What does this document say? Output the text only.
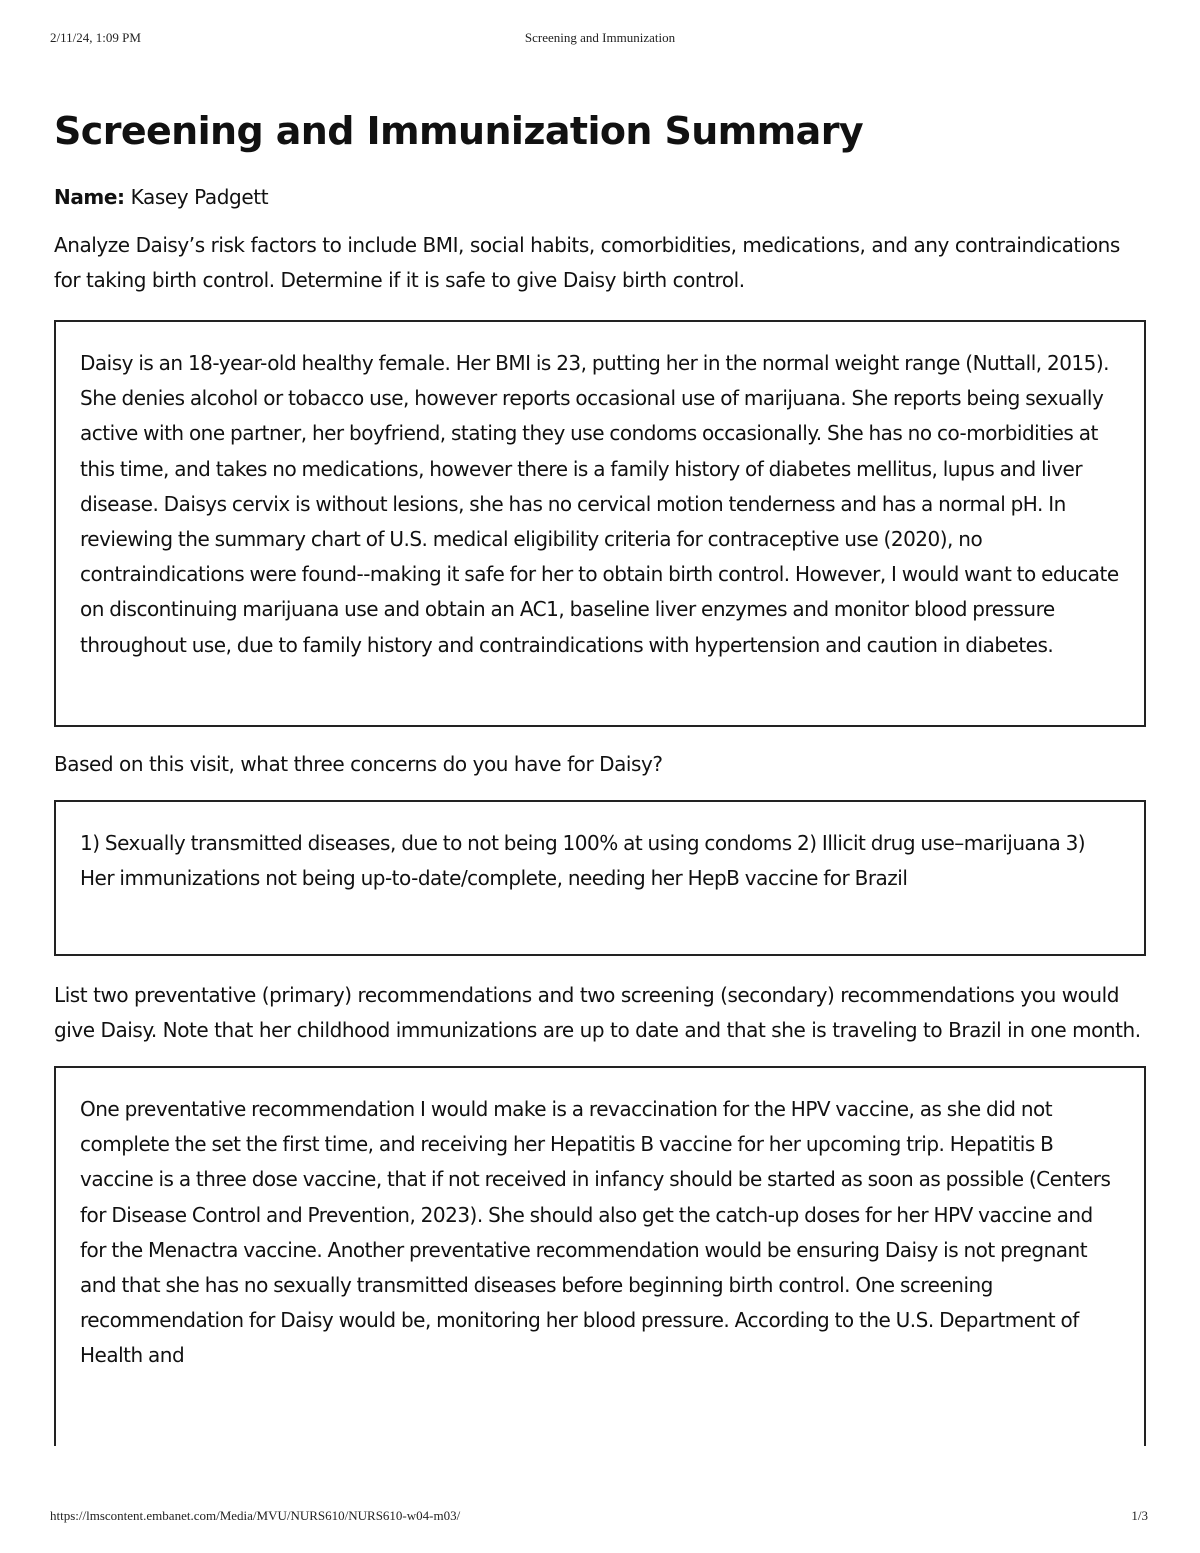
2/11/24, 1:09 PM	Screening and Immunization
Screening and Immunization Summary
Name: Kasey Padgett

Analyze Daisy’s risk factors to include BMI, social habits, comorbidities, medications, and any contraindications for taking birth control. Determine if it is safe to give Daisy birth control.

Daisy is an 18-year-old healthy female. Her BMI is 23, putting her in the normal weight range (Nuttall, 2015). She denies alcohol or tobacco use, however reports occasional use of marijuana. She reports being sexually active with one partner, her boyfriend, stating they use condoms occasionally. She has no co-morbidities at this time, and takes no medications, however there is a family history of diabetes mellitus, lupus and liver disease. Daisys cervix is without lesions, she has no cervical motion tenderness and has a normal pH. In reviewing the summary chart of U.S. medical eligibility criteria for contraceptive use (2020), no contraindications were found--making it safe for her to obtain birth control. However, I would want to educate on discontinuing marijuana use and obtain an AC1, baseline liver enzymes and monitor blood pressure throughout use, due to family history and contraindications with hypertension and caution in diabetes.

Based on this visit, what three concerns do you have for Daisy?

1) Sexually transmitted diseases, due to not being 100% at using condoms 2) Illicit drug use–marijuana 3) Her immunizations not being up-to-date/complete, needing her HepB vaccine for Brazil

List two preventative (primary) recommendations and two screening (secondary) recommendations you would give Daisy. Note that her childhood immunizations are up to date and that she is traveling to Brazil in one month.

One preventative recommendation I would make is a revaccination for the HPV vaccine, as she did not complete the set the first time, and receiving her Hepatitis B vaccine for her upcoming trip. Hepatitis B vaccine is a three dose vaccine, that if not received in infancy should be started as soon as possible (Centers for Disease Control and Prevention, 2023). She should also get the catch-up doses for her HPV vaccine and for the Menactra vaccine. Another preventative recommendation would be ensuring Daisy is not pregnant and that she has no sexually transmitted diseases before beginning birth control. One screening recommendation for Daisy would be, monitoring her blood pressure. According to the U.S. Department of Health and
https://lmscontent.embanet.com/Media/MVU/NURS610/NURS610-w04-m03/	1/3
